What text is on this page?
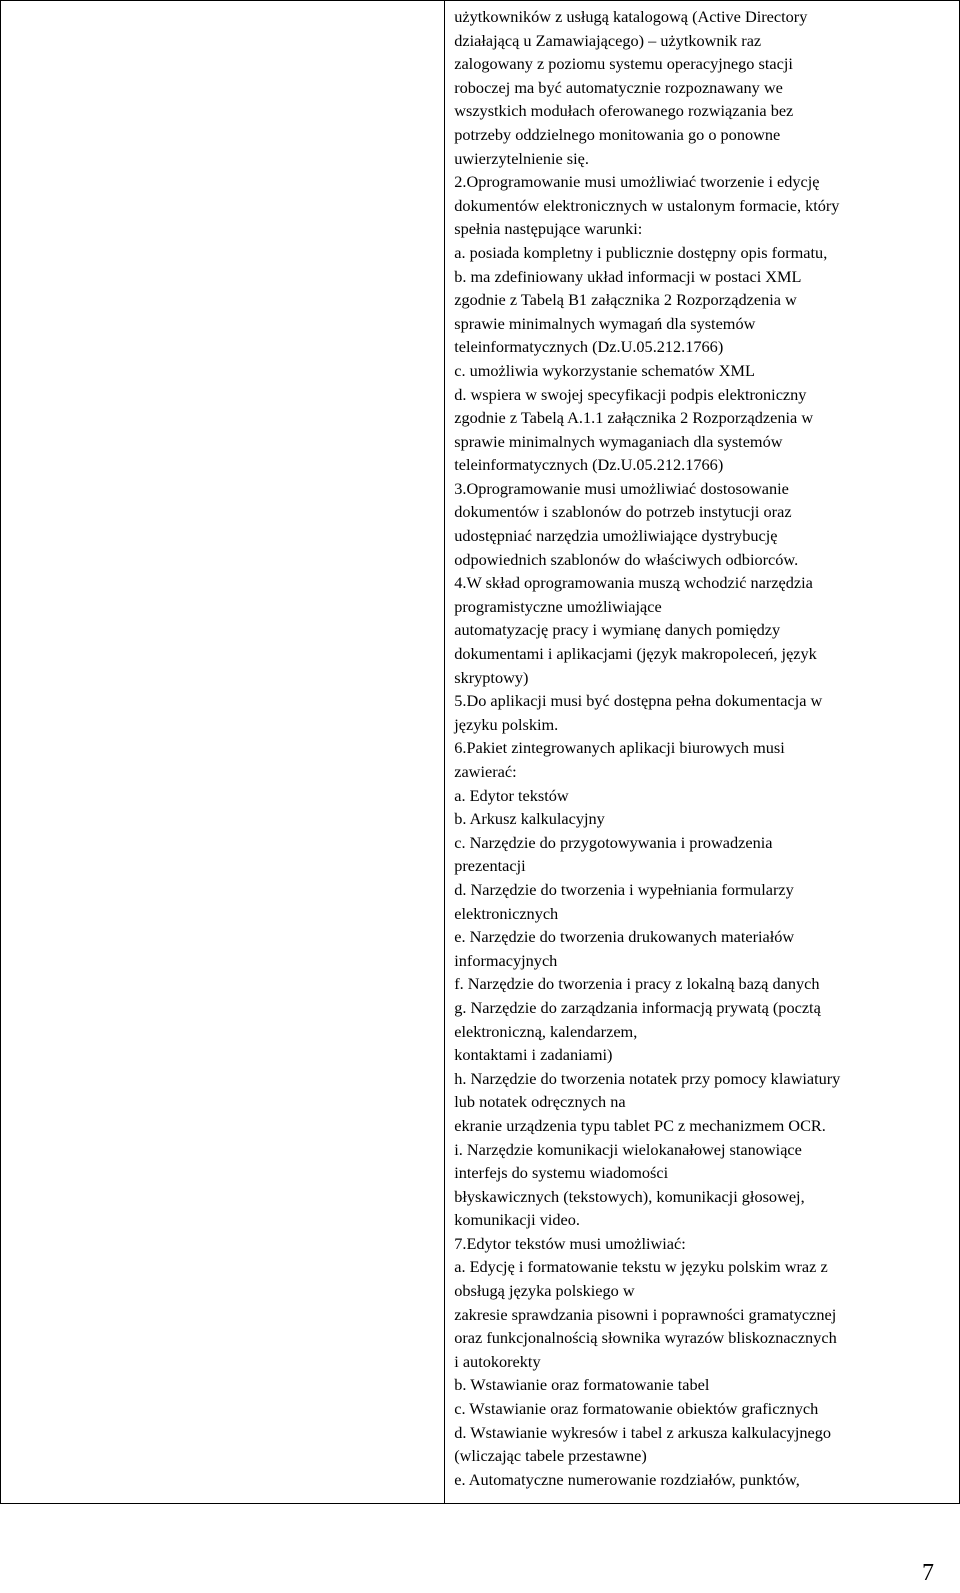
użytkowników z usługą katalogową (Active Directory
działającą u Zamawiającego) – użytkownik raz
zalogowany z poziomu systemu operacyjnego stacji
roboczej ma być automatycznie rozpoznawany we
wszystkich modułach oferowanego rozwiązania bez
potrzeby oddzielnego monitowania go o ponowne
uwierzytelnienie się.
2.Oprogramowanie musi umożliwiać tworzenie i edycję
dokumentów elektronicznych w ustalonym formacie, który
spełnia następujące warunki:
a. posiada kompletny i publicznie dostępny opis formatu,
b. ma zdefiniowany układ informacji w postaci XML
zgodnie z Tabelą B1 załącznika 2 Rozporządzenia w
sprawie minimalnych wymagań dla systemów
teleinformatycznych (Dz.U.05.212.1766)
c. umożliwia wykorzystanie schematów XML
d. wspiera w swojej specyfikacji podpis elektroniczny
zgodnie z Tabelą A.1.1 załącznika 2 Rozporządzenia w
sprawie minimalnych wymaganiach dla systemów
teleinformatycznych (Dz.U.05.212.1766)
3.Oprogramowanie musi umożliwiać dostosowanie
dokumentów i szablonów do potrzeb instytucji oraz
udostępniać narzędzia umożliwiające dystrybucję
odpowiednich szablonów do właściwych odbiorców.
4.W skład oprogramowania muszą wchodzić narzędzia
programistyczne umożliwiające
automatyzację pracy i wymianę danych pomiędzy
dokumentami i aplikacjami (język makropoleceń, język
skryptowy)
5.Do aplikacji musi być dostępna pełna dokumentacja w
języku polskim.
6.Pakiet zintegrowanych aplikacji biurowych musi
zawierać:
a. Edytor tekstów
b. Arkusz kalkulacyjny
c. Narzędzie do przygotowywania i prowadzenia
prezentacji
d. Narzędzie do tworzenia i wypełniania formularzy
elektronicznych
e. Narzędzie do tworzenia drukowanych materiałów
informacyjnych
f. Narzędzie do tworzenia i pracy z lokalną bazą danych
g. Narzędzie do zarządzania informacją prywatą (pocztą
elektroniczną, kalendarzem,
kontaktami i zadaniami)
h. Narzędzie do tworzenia notatek przy pomocy klawiatury
lub notatek odręcznych na
ekranie urządzenia typu tablet PC z mechanizmem OCR.
i. Narzędzie komunikacji wielokanałowej stanowiące
interfejs do systemu wiadomości
błyskawicznych (tekstowych), komunikacji głosowej,
komunikacji video.
7.Edytor tekstów musi umożliwiać:
a. Edycję i formatowanie tekstu w języku polskim wraz z
obsługą języka polskiego w
zakresie sprawdzania pisowni i poprawności gramatycznej
oraz funkcjonalnością słownika wyrazów bliskoznacznych
i autokorekty
b. Wstawianie oraz formatowanie tabel
c. Wstawianie oraz formatowanie obiektów graficznych
d. Wstawianie wykresów i tabel z arkusza kalkulacyjnego
(wliczając tabele przestawne)
e. Automatyczne numerowanie rozdziałów, punktów,
7
